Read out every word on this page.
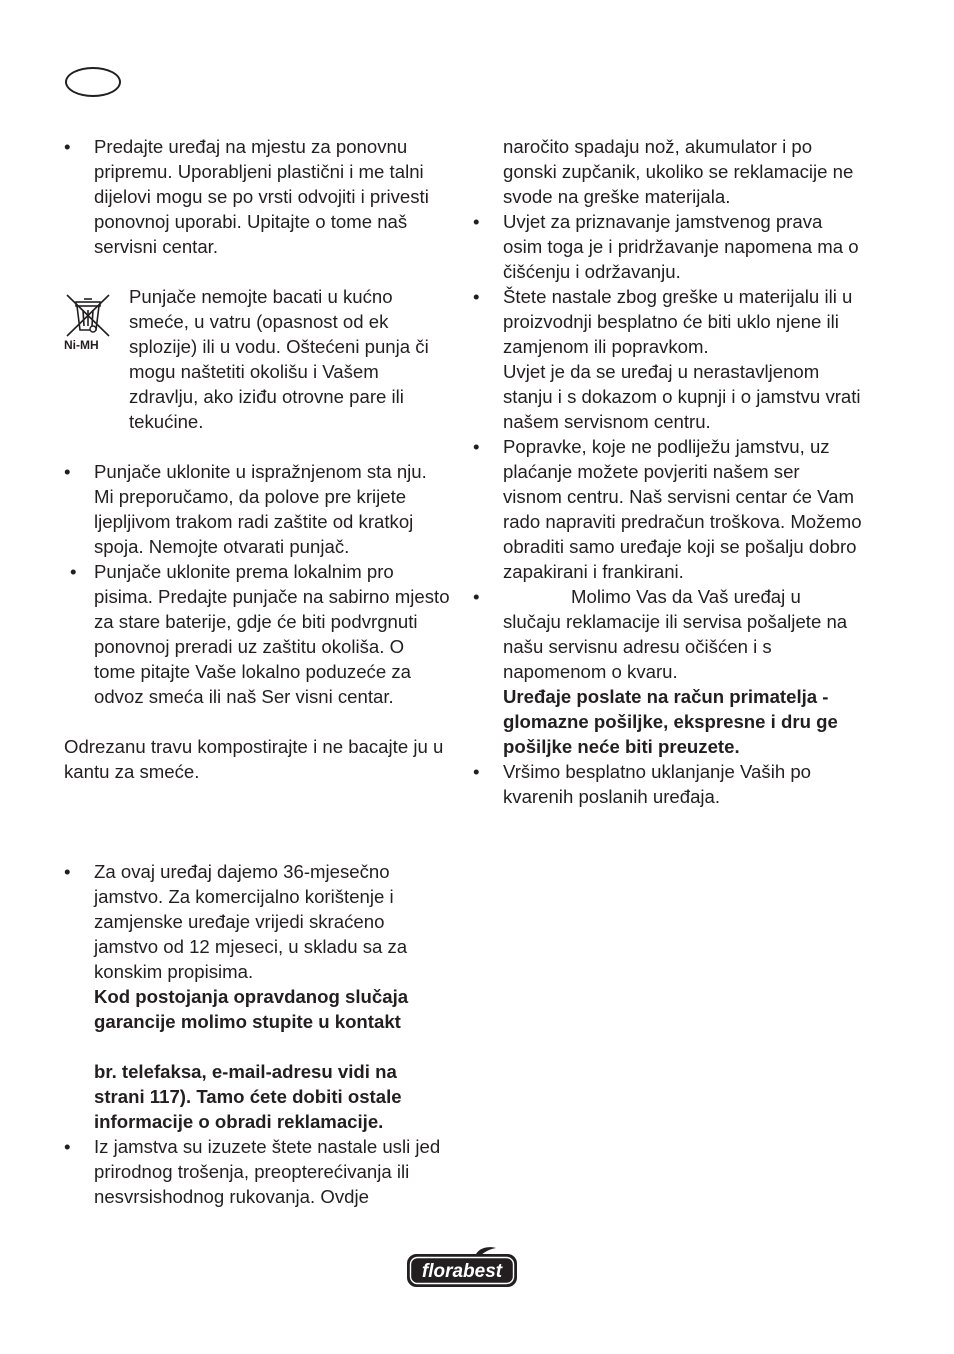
•	Predajte uređaj na mjestu za ponovnu pripremu. Uporabljeni plastični i me talni dijelovi mogu se po vrsti odvojiti i privesti ponovnoj uporabi. Upitajte o tome naš servisni centar.
Ni-MH
Punjače nemojte bacati u kućno smeće, u vatru (opasnost od ek splozije) ili u vodu. Oštećeni punja či mogu naštetiti okolišu i Vašem zdravlju, ako iziđu otrovne pare ili tekućine.
•	Punjače uklonite u ispražnjenom sta nju. Mi preporučamo, da polove pre krijete ljepljivom trakom radi zaštite od kratkoj spoja. Nemojte otvarati punjač.
• Punjače uklonite prema lokalnim pro pisima. Predajte punjače na sabirno mjesto za stare baterije, gdje će biti podvrgnuti ponovnoj preradi uz zaštitu okoliša. O tome pitajte Vaše lokalno poduzeće za odvoz smeća ili naš Ser visni centar.
Odrezanu travu kompostirajte i ne bacajte ju u kantu za smeće.
•	Za ovaj uređaj dajemo 36-mjesečno jamstvo. Za komercijalno korištenje i zamjenske uređaje vrijedi skraćeno jamstvo od 12 mjeseci, u skladu sa za konskim propisima.
Kod postojanja opravdanog slučaja garancije molimo stupite u kontakt
br. telefaksa, e-mail-adresu vidi na strani 117). Tamo ćete dobiti ostale informacije o obradi reklamacije.
•	Iz jamstva su izuzete štete nastale usli jed prirodnog trošenja, preopterećivanja ili nesvrsishodnog rukovanja. Ovdje
naročito spadaju nož, akumulator i po gonski zupčanik, ukoliko se reklamacije ne svode na greške materijala.
•	Uvjet za priznavanje jamstvenog prava osim toga je i pridržavanje napomena ma o čišćenju i održavanju.
•	Štete nastale zbog greške u materijalu ili u proizvodnji besplatno će biti uklo njene ili zamjenom ili popravkom.
Uvjet je da se uređaj u nerastavljenom stanju i s dokazom o kupnji i o jamstvu vrati našem servisnom centru.
•	Popravke, koje ne podliježu jamstvu, uz plaćanje možete povjeriti našem ser visnom centru. Naš servisni centar će Vam rado napraviti predračun troškova. Možemo obraditi samo uređaje koji se pošalju dobro zapakirani i frankirani.
•	Molimo Vas da Vaš uređaj u
slučaju reklamacije ili servisa pošaljete na našu servisnu adresu očišćen i s napomenom o kvaru.
Uređaje poslate na račun primatelja - glomazne pošiljke, ekspresne i dru ge pošiljke neće biti preuzete.
•	Vršimo besplatno uklanjanje Vaših po kvarenih poslanih uređaja.
florabest
